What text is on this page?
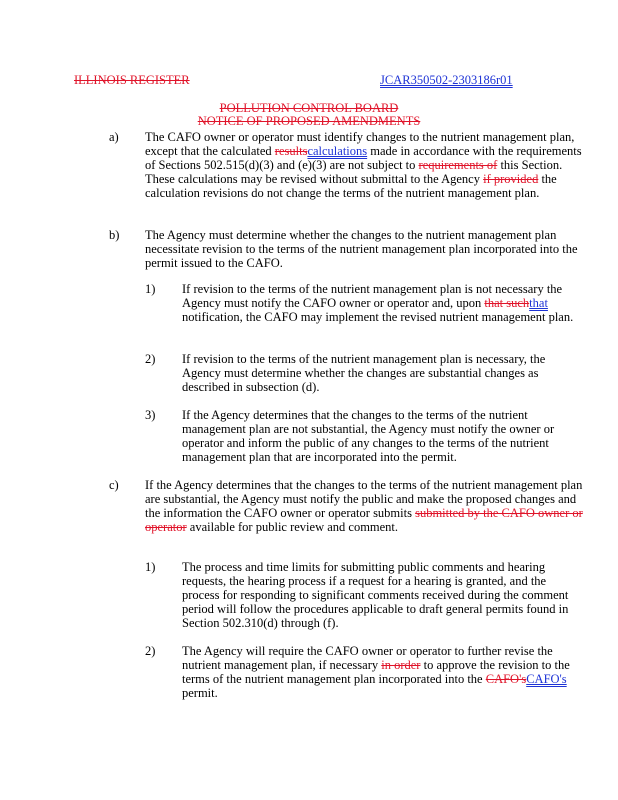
ILLINOIS REGISTER	JCAR350502-2303186r01
POLLUTION CONTROL BOARD
NOTICE OF PROPOSED AMENDMENTS
a)	The CAFO owner or operator must identify changes to the nutrient management plan, except that the calculated resultscalculations made in accordance with the requirements of Sections 502.515(d)(3) and (e)(3) are not subject to requirements of this Section. These calculations may be revised without submittal to the Agency if provided the calculation revisions do not change the terms of the nutrient management plan.
b)	The Agency must determine whether the changes to the nutrient management plan necessitate revision to the terms of the nutrient management plan incorporated into the permit issued to the CAFO.
1)	If revision to the terms of the nutrient management plan is not necessary the Agency must notify the CAFO owner or operator and, upon that suchthat notification, the CAFO may implement the revised nutrient management plan.
2)	If revision to the terms of the nutrient management plan is necessary, the Agency must determine whether the changes are substantial changes as described in subsection (d).
3)	If the Agency determines that the changes to the terms of the nutrient management plan are not substantial, the Agency must notify the owner or operator and inform the public of any changes to the terms of the nutrient management plan that are incorporated into the permit.
c)	If the Agency determines that the changes to the terms of the nutrient management plan are substantial, the Agency must notify the public and make the proposed changes and the information the CAFO owner or operator submits submitted by the CAFO owner or operator available for public review and comment.
1)	The process and time limits for submitting public comments and hearing requests, the hearing process if a request for a hearing is granted, and the process for responding to significant comments received during the comment period will follow the procedures applicable to draft general permits found in Section 502.310(d) through (f).
2)	The Agency will require the CAFO owner or operator to further revise the nutrient management plan, if necessary in order to approve the revision to the terms of the nutrient management plan incorporated into the CAFO'sCAFO's permit.
